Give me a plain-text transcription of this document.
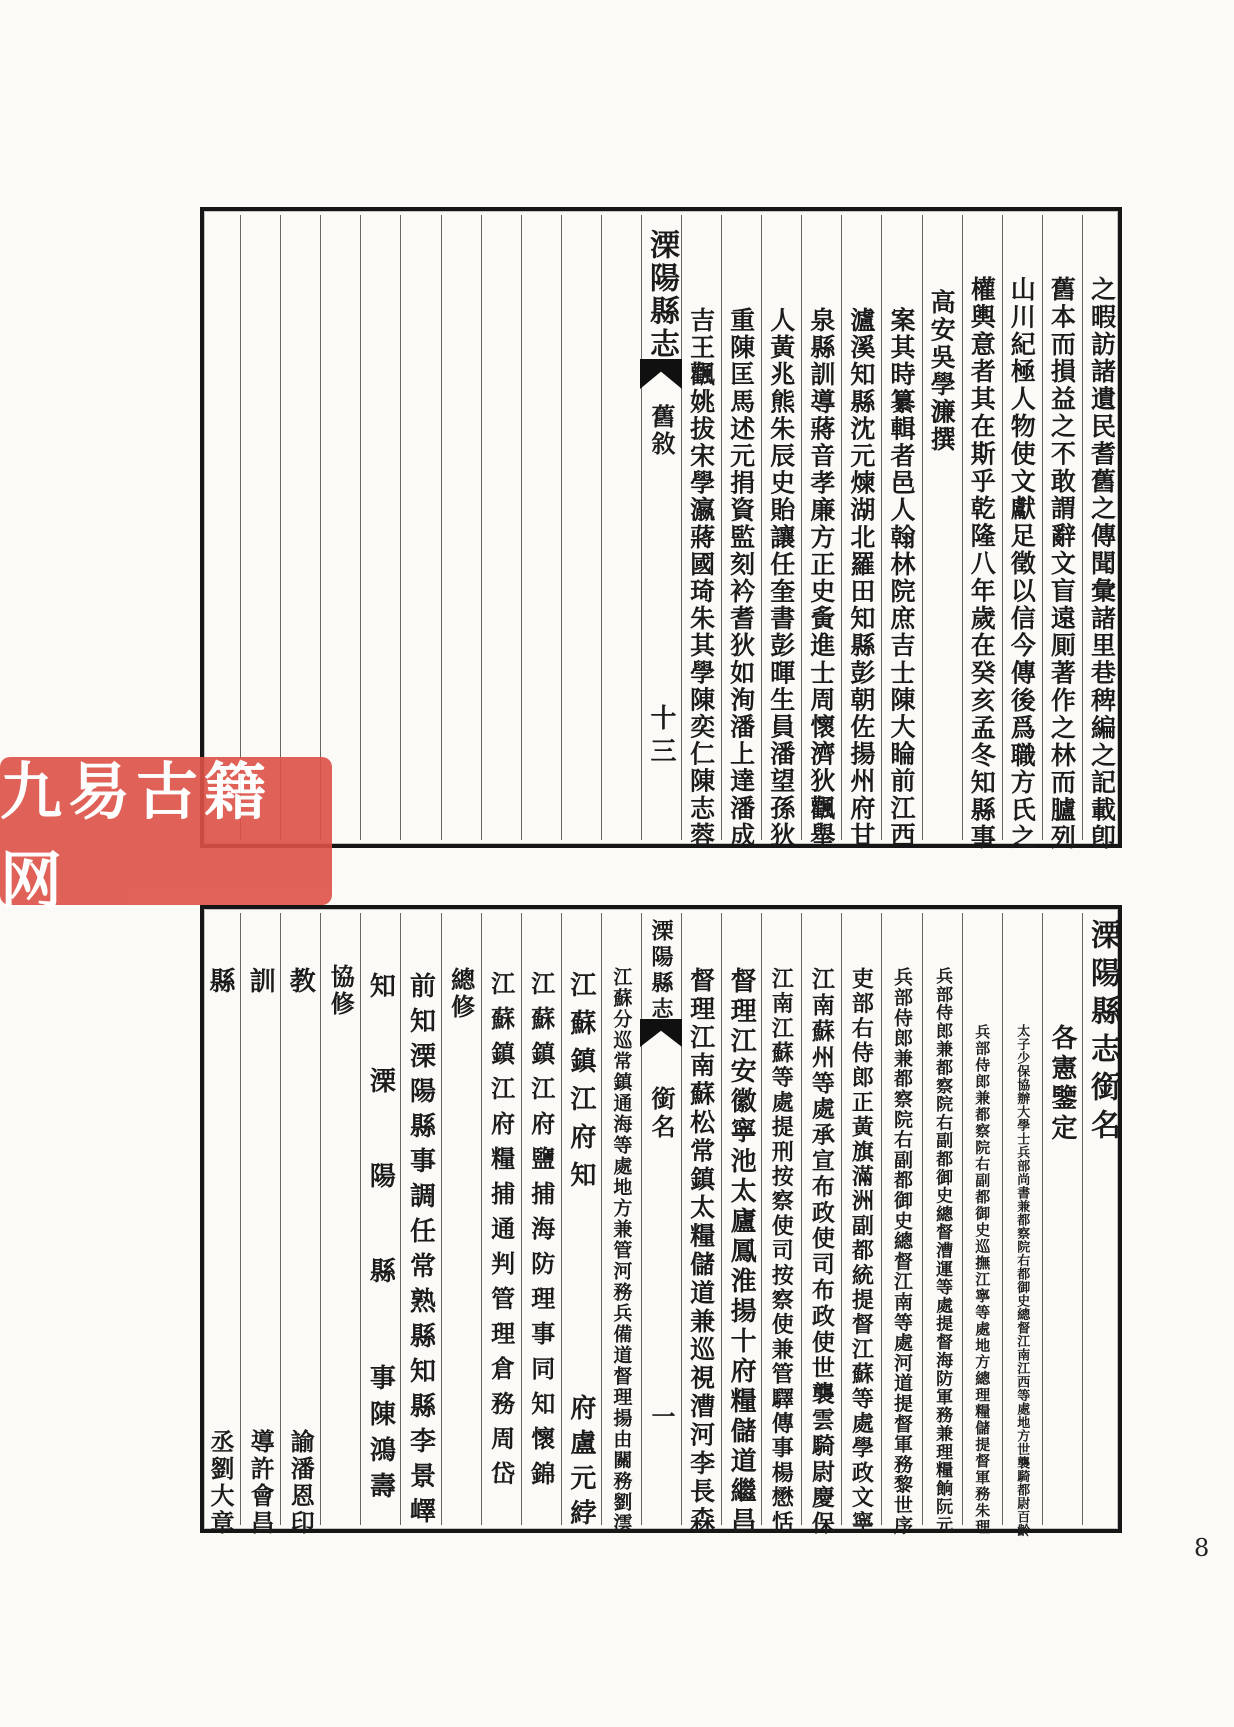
之暇訪諸遺民耆舊之傳聞彙諸里巷稗編之記載卽
舊本而損益之不敢謂辭文盲遠厠著作之林而臚列
山川紀極人物使文獻足徵以信今傳後爲職方氏之
權輿意者其在斯乎乾隆八年歲在癸亥孟冬知縣事
高安吳學濂撰
案其時纂輯者邑人翰林院庶吉士陳大睔前江西
瀘溪知縣沈元煉湖北羅田知縣彭朝佐揚州府甘
泉縣訓導蔣音孝廉方正史夤進士周懷濟狄飌舉
人黃兆熊朱辰史貽讓任奎書彭暉生員潘望孫狄
重陳匡馬述元捐資監刻衿耆狄如洵潘上達潘成
吉王飌姚拔宋學瀛蔣國琦朱其學陳奕仁陳志蓉
溧陽縣志
舊敘
十三
溧陽縣志銜名
各憲鑒定
太子少保協辦大學士兵部尚書兼都察院右都御史總督江南江西等處地方世襲騎都尉百齡
兵部侍郎兼都察院右副都御史巡撫江寧等處地方總理糧儲提督軍務朱理
兵部侍郎兼都察院右副都御史總督漕運等處提督海防軍務兼理糧餉阮元
兵部侍郎兼都察院右副都御史總督江南等處河道提督軍務黎世序
吏部右侍郎正黃旗滿洲副都統提督江蘇等處學政文寧
江南蘇州等處承宣布政使司布政使世襲雲騎尉慶保
江南江蘇等處提刑按察使司按察使兼管驛傳事楊懋恬
督理江安徽寧池太廬鳳淮揚十府糧儲道繼昌
督理江南蘇松常鎮太糧儲道兼巡視漕河李長森
溧陽縣志
銜名
一
江蘇分巡常鎮通海等處地方兼管河務兵備道督理揚由關務劉澐
江蘇鎮江府知
府盧元綍
江蘇鎮江府鹽捕海防理事同知懷錦
江蘇鎮江府糧捕通判管理倉務周岱
總修
前知溧陽縣事調任常熟縣知縣李景嶧
知溧陽縣
事陳鴻壽
協修
教
諭潘恩印
訓
導許會昌
縣
丞劉大章
九易古籍网
8
